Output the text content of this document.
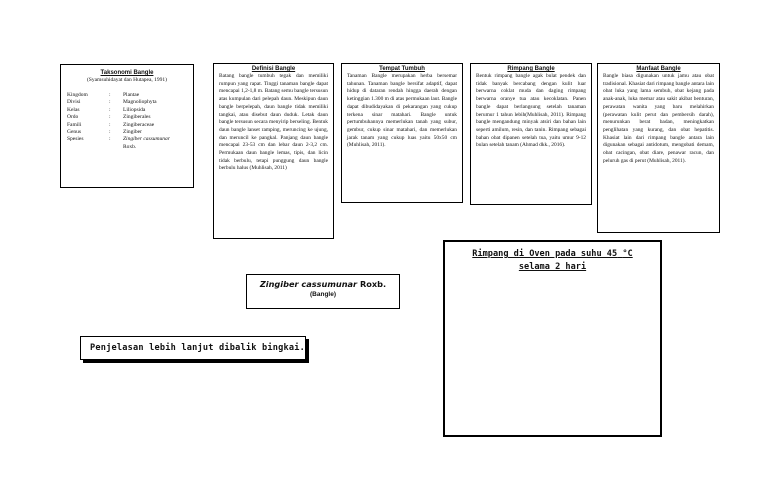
Taksonomi Bangle
(Syamsuhidayat dan Hutapea, 1991)
Kingdom	:	Plantae
Divisi	:	Magnoliophyta
Kelas	:	Liliopsida
Ordo	:	Zingiberales
Famili	:	Zingiberaceae
Genus	:	Zingiber
Spesies	:	Zingiber cassumunar
Roxb.
Definisi Bangle

Batang bangle tumbuh tegak dan memiliki rumpun yang rapat. Tinggi tanaman bangle dapat mencapai 1,2-1,8 m. Batang semu bangle tersusun atas kumpulan dari pelepah daun. Meskipun daun bangle berpelepah, daun bangle tidak memiliki tangkai, atau disebut daun duduk. Letak daun bangle tersusun secara menyirip berseling. Bentuk daun bangle lanset ramping, meruncing ke ujung, dan meruncil ke pangkal. Panjang daun bangle mencapai 23-53 cm dan lebar daun 2-3,2 cm. Permukaan daun bangle lemas, tipis, dan licin tidak berbulu, tetapi punggung daun bangle berbulu halus (Muhlisah, 2011)

Tempat Tumbuh

Tanaman Bangle merupakan herba bersemar tahunan. Tanaman bangle bersifat adaptif, dapat hidup di dataran rendah hingga daerah dengan ketinggian 1.300 m di atas permukaan laut. Bangle dapat dibudidayakan di pekarangan yang cukup terkena sinar matahari. Bangle untuk pertumbuhannya memerlukan tanah yang subur, gembur, cukup sinar matahari, dan memerlukan jarak tanam yang cukup luas yaitu 50x50 cm (Muhlisah, 2011).

Rimpang Bangle

Bentuk rimpang bangle agak bulat pendek dan tidak banyak bercabang dengan kulit luar berwarna coklat muda dan daging rimpang berwarna oranye tua atau kecoklatan. Panen bangle dapat berlangsung setelah tanaman berumur 1 tahun lebih(Muhlisah, 2011). Rimpang bangle mengandung minyak atsiri dan bahan lain seperti amilum, resin, dan tanin. Rimpang sebagai bahan obat dipanen setelah tua, yaitu umur 9-12 bulan setelah tanam (Ahmad dkk., 2016).

Manfaat Bangle

Bangle biasa digunakan untuk jamu atau obat tradisional. Khasiat dari rimpang bangle antara lain obat luka yang lama sembuh, obat kejang pada anak-anak, luka memar atau sakit akibat benturan, perawatan wanita yang baru melahirkan (perawatan kulit perut dan pembersih darah), menurunkan berat badan, meningkatkan penglihatan yang kurang, dan obat hepatitis. Khasiat lain dari rimpang bangle antara lain digunakan sebagai antidotum, mengobati demam, obat cacingan, obat diare, penawar racun, dan peluruh gas di perut (Muhlisah, 2011).

Zingiber cassumunar Roxb.
(Bangle)
Penjelasan lebih lanjut dibalik bingkai.
Rimpang di Oven pada suhu 45 °C
selama 2 hari
